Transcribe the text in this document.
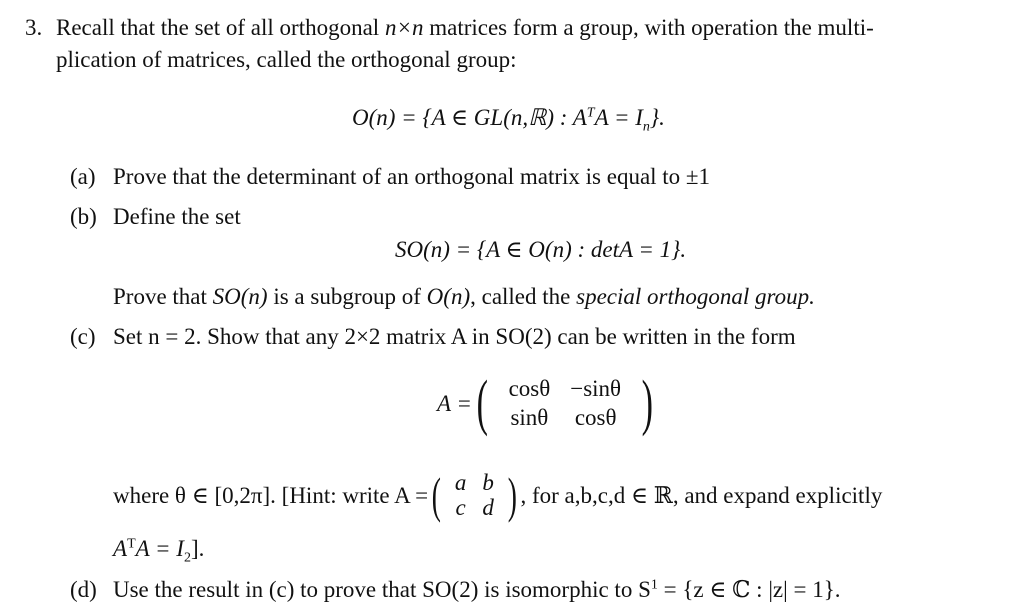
3. Recall that the set of all orthogonal n×n matrices form a group, with operation the multi-
plication of matrices, called the orthogonal group:
O(n) = {A ∈ GL(n,ℝ) : $A^TA = I_n$}.
(a) Prove that the determinant of an orthogonal matrix is equal to ±1
(b) Define the set
SO(n) = {A ∈ O(n) : detA = 1}.
Prove that SO(n) is a subgroup of O(n), called the special orthogonal group.
(c) Set n = 2. Show that any 2×2 matrix A in SO(2) can be written in the form
A = ( cosθ	−sinθ
sinθ	cosθ )
where θ ∈ [0,2π]. [Hint: write A = ( a	b
c	d ) , for a,b,c,d ∈ ℝ, and expand explicitly
$A^TA = I_2$].
(d) Use the result in (c) to prove that SO(2) is isomorphic to $S^1 = \{z$ ∈ ℂ : |z| = 1}.
